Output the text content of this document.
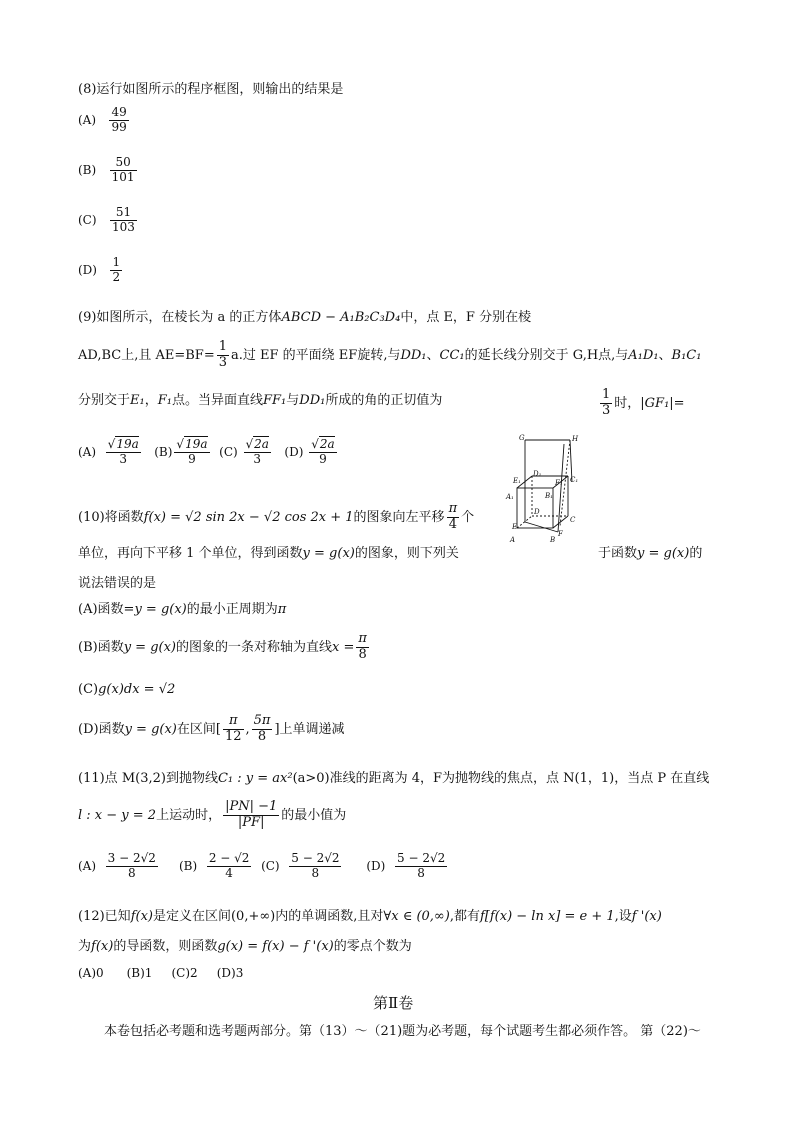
(8)运行如图所示的程序框图，则输出的结果是
$(A) \frac{49}{99}$
$(B) \frac{50}{101}$
$(C) \frac{51}{103}$
$(D) \frac{1}{2}$
(9)如图所示，在棱长为 a 的正方体ABCD − A₁B₂C₃D₄中，点 E，F 分别在棱
AD,BC上,且 $AE=BF= \frac{1}{3} a$.过 EF 的平面绕 EF旋转,与DD₁、CC₁的延长线分别交于 G,H点,与A₁D₁、B₁C₁
分别交于E₁，F₁点。当异面直线FF₁与DD₁所成的角的正切值为	$\frac{1}{3}$ 时，|GF₁|=
$(A) \frac{√19a}{3} (B) \frac{√19a}{9} (C) \frac{√2a}{3} (D) \frac{√2a}{9}$	G	H
E₁
D₁
C₁
F₁
A₁	B₁
D
C
E
A	B
F
(10)将函数f(x) = √2 sin 2x − √2 cos 2x + 1的图象向左平移 $\frac{\pi}{4}$ 个
单位，再向下平移 1 个单位，得到函数y = g(x)的图象，则下列关	于函数y = g(x)的
说法错误的是
(A)函数=y = g(x)的最小正周期为π
(B)函数y = g(x)的图象的一条对称轴为直线$x = \frac{\pi}{8}$
(C)g(x)dx = √2
(D)函数y = g(x)在区间[ $\frac{\pi}{12}$ , $\frac{5\pi}{8}$ ]上单调递减
(11)点 M(3,2)到抛物线C₁ : y = ax²(a>0)准线的距离为 4，F为抛物线的焦点，点 N(1，1)，当点 P 在直线
l : x − y = 2上运动时， $\frac{|PN| -1}{|PF|}$ 的最小值为
$(A) \frac{3 - 2√2}{8} (B) \frac{2 - √2}{4} (C) \frac{5 - 2√2}{8} (D) \frac{5 - 2√2}{8}$
(12)已知f(x)是定义在区间(0,+∞)内的单调函数,且对∀x ∈ (0,∞),都有f[f(x) − ln x] = e + 1,设f '(x)
为f(x)的导函数，则函数g(x) = f(x) − f '(x)的零点个数为
(A)0 (B)1 (C)2 (D)3
第Ⅱ卷
本卷包括必考题和选考题两部分。第（13）～（21)题为必考题，每个试题考生都必须作答。 第（22)～
